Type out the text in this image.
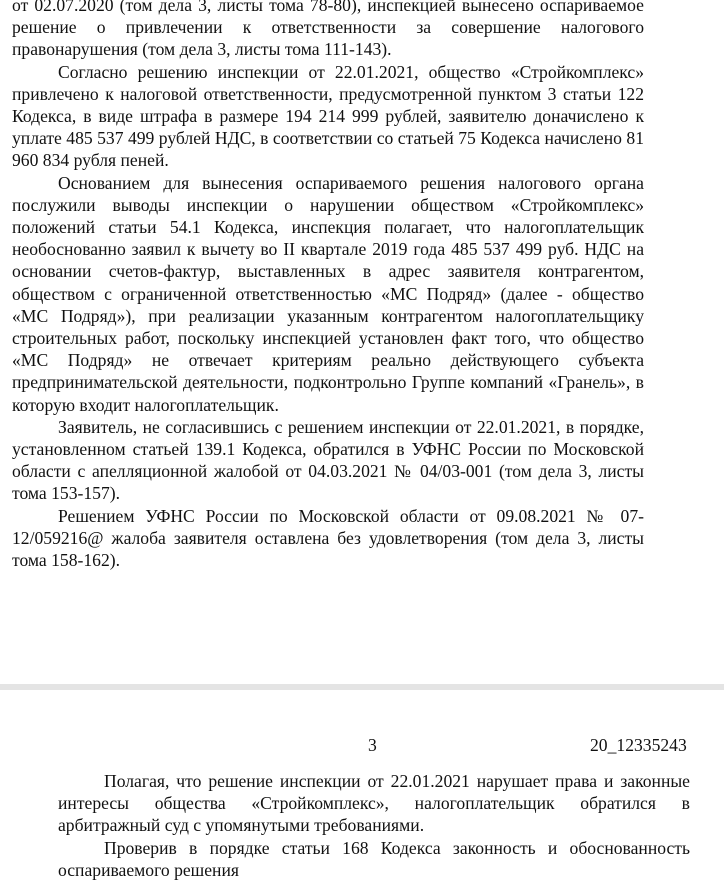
от 02.07.2020 (том дела 3, листы тома 78-80), инспекцией вынесено оспариваемое решение о привлечении к ответственности за совершение налогового правонарушения (том дела 3, листы тома 111-143).

Согласно решению инспекции от 22.01.2021, общество «Стройкомплекс» привлечено к налоговой ответственности, предусмотренной пунктом 3 статьи 122 Кодекса, в виде штрафа в размере 194 214 999 рублей, заявителю доначислено к уплате 485 537 499 рублей НДС, в соответствии со статьей 75 Кодекса начислено 81 960 834 рубля пеней.

Основанием для вынесения оспариваемого решения налогового органа послужили выводы инспекции о нарушении обществом «Стройкомплекс» положений статьи 54.1 Кодекса, инспекция полагает, что налогоплательщик необоснованно заявил к вычету во II квартале 2019 года 485 537 499 руб. НДС на основании счетов-фактур, выставленных в адрес заявителя контрагентом, обществом с ограниченной ответственностью «МС Подряд» (далее - общество «МС Подряд»), при реализации указанным контрагентом налогоплательщику строительных работ, поскольку инспекцией установлен факт того, что общество «МС Подряд» не отвечает критериям реально действующего субъекта предпринимательской деятельности, подконтрольно Группе компаний «Гранель», в которую входит налогоплательщик.

Заявитель, не согласившись с решением инспекции от 22.01.2021, в порядке, установленном статьей 139.1 Кодекса, обратился в УФНС России по Московской области с апелляционной жалобой от 04.03.2021 № 04/03-001 (том дела 3, листы тома 153-157).

Решением УФНС России по Московской области от 09.08.2021 № 07-12/059216@ жалоба заявителя оставлена без удовлетворения (том дела 3, листы тома 158-162).

3	20_12335243

Полагая, что решение инспекции от 22.01.2021 нарушает права и законные интересы общества «Стройкомплекс», налогоплательщик обратился в арбитражный суд с упомянутыми требованиями.

Проверив в порядке статьи 168 Кодекса законность и обоснованность оспариваемого решения
